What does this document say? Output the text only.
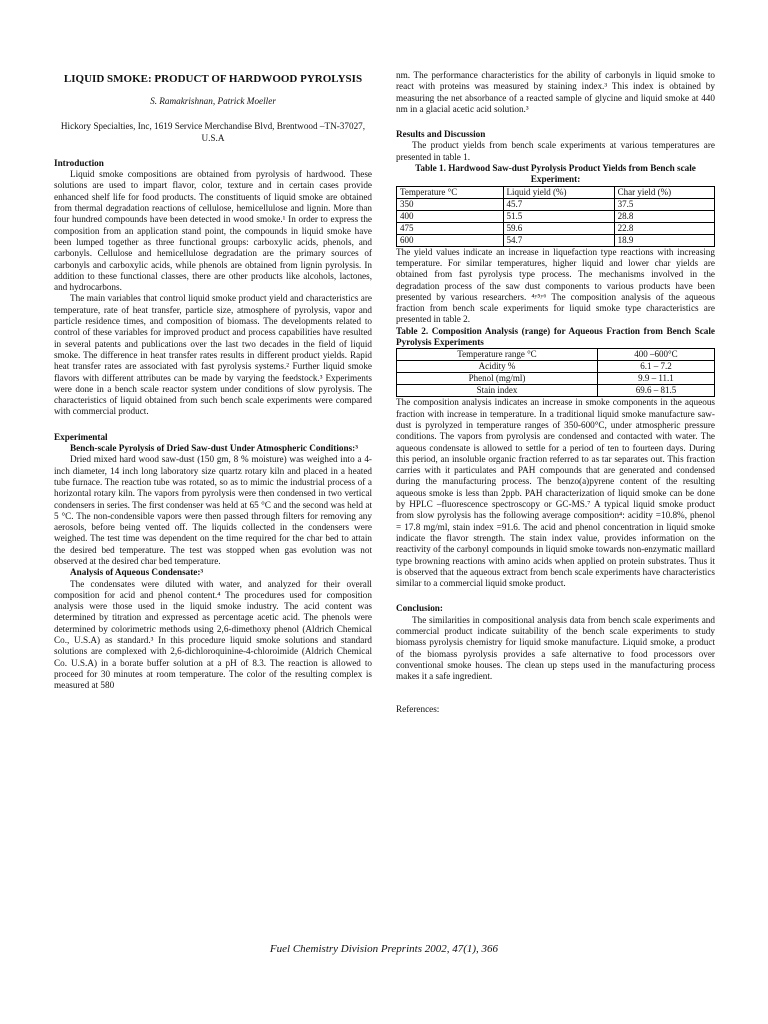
LIQUID SMOKE: PRODUCT OF HARDWOOD PYROLYSIS
S. Ramakrishnan, Patrick Moeller
Hickory Specialties, Inc, 1619 Service Merchandise Blvd, Brentwood –TN-37027, U.S.A

Introduction

Liquid smoke compositions are obtained from pyrolysis of hardwood. These solutions are used to impart flavor, color, texture and in certain cases provide enhanced shelf life for food products. The constituents of liquid smoke are obtained from thermal degradation reactions of cellulose, hemicellulose and lignin. More than four hundred compounds have been detected in wood smoke.¹ In order to express the composition from an application stand point, the compounds in liquid smoke have been lumped together as three functional groups: carboxylic acids, phenols, and carbonyls. Cellulose and hemicellulose degradation are the primary sources of carbonyls and carboxylic acids, while phenols are obtained from lignin pyrolysis. In addition to these functional classes, there are other products like alcohols, lactones, and hydrocarbons.

The main variables that control liquid smoke product yield and characteristics are temperature, rate of heat transfer, particle size, atmosphere of pyrolysis, vapor and particle residence times, and composition of biomass. The developments related to control of these variables for improved product and process capabilities have resulted in several patents and publications over the last two decades in the field of liquid smoke. The difference in heat transfer rates results in different product yields. Rapid heat transfer rates are associated with fast pyrolysis systems.² Further liquid smoke flavors with different attributes can be made by varying the feedstock.³ Experiments were done in a bench scale reactor system under conditions of slow pyrolysis. The characteristics of liquid obtained from such bench scale experiments were compared with commercial product.

Experimental

Bench-scale Pyrolysis of Dried Saw-dust Under Atmospheric Conditions:³

Dried mixed hard wood saw-dust (150 gm, 8 % moisture) was weighed into a 4-inch diameter, 14 inch long laboratory size quartz rotary kiln and placed in a heated tube furnace. The reaction tube was rotated, so as to mimic the industrial process of a horizontal rotary kiln. The vapors from pyrolysis were then condensed in two vertical condensers in series. The first condenser was held at 65 °C and the second was held at 5 °C. The non-condensible vapors were then passed through filters for removing any aerosols, before being vented off. The liquids collected in the condensers were weighed. The test time was dependent on the time required for the char bed to attain the desired bed temperature. The test was stopped when gas evolution was not observed at the desired char bed temperature.

Analysis of Aqueous Condensate:³

The condensates were diluted with water, and analyzed for their overall composition for acid and phenol content.⁴ The procedures used for composition analysis were those used in the liquid smoke industry. The acid content was determined by titration and expressed as percentage acetic acid. The phenols were determined by colorimetric methods using 2,6-dimethoxy phenol (Aldrich Chemical Co., U.S.A) as standard.³ In this procedure liquid smoke solutions and standard solutions are complexed with 2,6-dichloroquinine-4-chloroimide (Aldrich Chemical Co. U.S.A) in a borate buffer solution at a pH of 8.3. The reaction is allowed to proceed for 30 minutes at room temperature. The color of the resulting complex is measured at 580

nm. The performance characteristics for the ability of carbonyls in liquid smoke to react with proteins was measured by staining index.³ This index is obtained by measuring the net absorbance of a reacted sample of glycine and liquid smoke at 440 nm in a glacial acetic acid solution.³

Results and Discussion

The product yields from bench scale experiments at various temperatures are presented in table 1.

Table 1. Hardwood Saw-dust Pyrolysis Product Yields from Bench scale Experiment:

Temperature °C	Liquid yield (%)	Char yield (%)
350	45.7	37.5
400	51.5	28.8
475	59.6	22.8
600	54.7	18.9

The yield values indicate an increase in liquefaction type reactions with increasing temperature. For similar temperatures, higher liquid and lower char yields are obtained from fast pyrolysis type process. The mechanisms involved in the degradation process of the saw dust components to various products have been presented by various researchers. ⁴ʸ⁵ʸ⁶ The composition analysis of the aqueous fraction from bench scale experiments for liquid smoke type characteristics are presented in table 2.

Table 2. Composition Analysis (range) for Aqueous Fraction from Bench Scale Pyrolysis Experiments

Temperature range °C	400 –600°C
Acidity %	6.1 – 7.2
Phenol (mg/ml)	9.9 – 11.1
Stain index	69.6 – 81.5

The composition analysis indicates an increase in smoke components in the aqueous fraction with increase in temperature. In a traditional liquid smoke manufacture saw-dust is pyrolyzed in temperature ranges of 350-600°C, under atmospheric pressure conditions. The vapors from pyrolysis are condensed and contacted with water. The aqueous condensate is allowed to settle for a period of ten to fourteen days. During this period, an insoluble organic fraction referred to as tar separates out. This fraction carries with it particulates and PAH compounds that are generated and condensed during the manufacturing process. The benzo(a)pyrene content of the resulting aqueous smoke is less than 2ppb. PAH characterization of liquid smoke can be done by HPLC –fluorescence spectroscopy or GC-MS.⁷ A typical liquid smoke product from slow pyrolysis has the following average composition⁴: acidity =10.8%, phenol = 17.8 mg/ml, stain index =91.6. The acid and phenol concentration in liquid smoke indicate the flavor strength. The stain index value, provides information on the reactivity of the carbonyl compounds in liquid smoke towards non-enzymatic maillard type browning reactions with amino acids when applied on protein substrates. Thus it is observed that the aqueous extract from bench scale experiments have characteristics similar to a commercial liquid smoke product.

Conclusion:

The similarities in compositional analysis data from bench scale experiments and commercial product indicate suitability of the bench scale experiments to study biomass pyrolysis chemistry for liquid smoke manufacture. Liquid smoke, a product of the biomass pyrolysis provides a safe alternative to food processors over conventional smoke houses. The clean up steps used in the manufacturing process makes it a safe ingredient.

References:

Fuel Chemistry Division Preprints 2002, 47(1), 366
